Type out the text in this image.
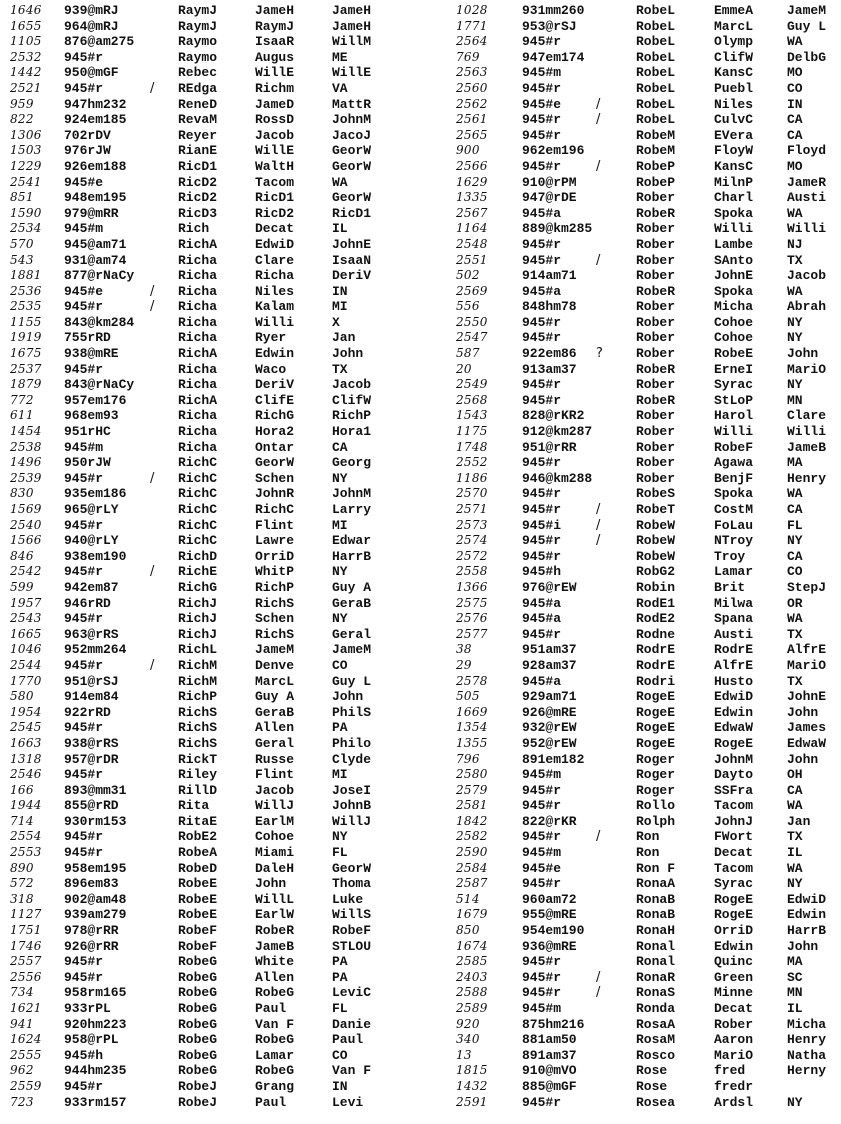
1646 939@mRJ	RaymJ	JameH	JameH
1655 964@mRJ	RaymJ	RaymJ	JameH
1105 876@am275	Raymo	IsaaR	WillM
2532 945#r	Raymo	Augus	ME
1442 950@mGF	Rebec	WillE	WillE
2521 945#r	/ REdga	Richm	VA
959 947hm232	ReneD	JameD	MattR
822 924em185	RevaM	RossD	JohnM
1306 702rDV	Reyer	Jacob	JacoJ
1503 976rJW	RianE	WillE	GeorW
1229 926em188	RicD1	WaltH	GeorW
2541 945#e	RicD2	Tacom	WA
851 948em195	RicD2	RicD1	GeorW
1590 979@mRR	RicD3	RicD2	RicD1
2534 945#m	Rich	Decat	IL
570 945@am71	RichA	EdwiD	JohnE
543 931@am74	Richa	Clare	IsaaN
1881 877@rNaCy	Richa	Richa	DeriV
2536 945#e	/ Richa	Niles	IN
2535 945#r	/ Richa	Kalam	MI
1155 843@km284	Richa	Willi	X
1919 755rRD	Richa	Ryer	Jan
1675 938@mRE	RichA	Edwin	John
2537 945#r	Richa	Waco	TX
1879 843@rNaCy	Richa	DeriV	Jacob
772 957em176	RichA	ClifE	ClifW
611 968em93	Richa	RichG	RichP
1454 951rHC	Richa	Hora2	Hora1
2538 945#m	Richa	Ontar	CA
1496 950rJW	RichC	GeorW	Georg
2539 945#r	/ RichC	Schen	NY
830 935em186	RichC	JohnR	JohnM
1569 965@rLY	RichC	RichC	Larry
2540 945#r	RichC	Flint	MI
1566 940@rLY	RichC	Lawre	Edwar
846 938em190	RichD	OrriD	HarrB
2542 945#r	/ RichE	WhitP	NY
599 942em87	RichG	RichP	Guy A
1957 946rRD	RichJ	RichS	GeraB
2543 945#r	RichJ	Schen	NY
1665 963@rRS	RichJ	RichS	Geral
1046 952mm264	RichL	JameM	JameM
2544 945#r	/ RichM	Denve	CO
1770 951@rSJ	RichM	MarcL	Guy L
580 914em84	RichP	Guy A	John
1954 922rRD	RichS	GeraB	PhilS
2545 945#r	RichS	Allen	PA
1663 938@rRS	RichS	Geral	Philo
1318 957@rDR	RickT	Russe	Clyde
2546 945#r	Riley	Flint	MI
166 893@mm31	RillD	Jacob	JoseI
1944 855@rRD	Rita	WillJ	JohnB
714 930rm153	RitaE	EarlM	WillJ
2554 945#r	RobE2	Cohoe	NY
2553 945#r	RobeA	Miami	FL
890 958em195	RobeD	DaleH	GeorW
572 896em83	RobeE	John	Thoma
318 902@am48	RobeE	WillL	Luke
1127 939am279	RobeE	EarlW	WillS
1751 978@rRR	RobeF	RobeR	RobeF
1746 926@rRR	RobeF	JameB	STLOU
2557 945#r	RobeG	White	PA
2556 945#r	RobeG	Allen	PA
734 958rm165	RobeG	RobeG	LeviC
1621 933rPL	RobeG	Paul	FL
941 920hm223	RobeG	Van F	Danie
1624 958@rPL	RobeG	RobeG	Paul
2555 945#h	RobeG	Lamar	CO
962 944hm235	RobeG	RobeG	Van F
2559 945#r	RobeJ	Grang	IN
723 933rm157	RobeJ	Paul	Levi
1028	931mm260	RobeL	EmmeA	JameM
1771	953@rSJ	RobeL	MarcL	Guy L
2564	945#r	RobeL	Olymp	WA
769	947em174	RobeL	ClifW	DelbG
2563	945#m	RobeL	KansC	MO
2560	945#r	RobeL	Puebl	CO
2562	945#e	/	RobeL	Niles	IN
2561	945#r	/	RobeL	CulvC	CA
2565	945#r	RobeM	EVera	CA
900	962em196	RobeM	FloyW	Floyd
2566	945#r	/	RobeP	KansC	MO
1629	910@rPM	RobeP	MilnP	JameR
1335	947@rDE	Rober	Charl	Austi
2567	945#a	RobeR	Spoka	WA
1164	889@km285	Rober	Willi	Willi
2548	945#r	Rober	Lambe	NJ
2551	945#r	/	Rober	SAnto	TX
502	914am71	Rober	JohnE	Jacob
2569	945#a	RobeR	Spoka	WA
556	848hm78	Rober	Micha	Abrah
2550	945#r	Rober	Cohoe	NY
2547	945#r	Rober	Cohoe	NY
587	922em86 ?	Rober	RobeE	John
20	913am37	RobeR	ErneI	MariO
2549	945#r	Rober	Syrac	NY
2568	945#r	RobeR	StLoP	MN
1543	828@rKR2	Rober	Harol	Clare
1175	912@km287	Rober	Willi	Willi
1748	951@rRR	Rober	RobeF	JameB
2552	945#r	Rober	Agawa	MA
1186	946@km288	Rober	BenjF	Henry
2570	945#r	RobeS	Spoka	WA
2571	945#r	/	RobeT	CostM	CA
2573	945#i	/	RobeW	FoLau	FL
2574	945#r	/	RobeW	NTroy	NY
2572	945#r	RobeW	Troy	CA
2558	945#h	RobG2	Lamar	CO
1366	976@rEW	Robin	Brit	StepJ
2575	945#a	RodE1	Milwa	OR
2576	945#a	RodE2	Spana	WA
2577	945#r	Rodne	Austi	TX
38	951am37	RodrE	RodrE	AlfrE
29	928am37	RodrE	AlfrE	MariO
2578	945#a	Rodri	Husto	TX
505	929am71	RogeE	EdwiD	JohnE
1669	926@mRE	RogeE	Edwin	John
1354	932@rEW	RogeE	EdwaW	James
1355	952@rEW	RogeE	RogeE	EdwaW
796	891em182	Roger	JohnM	John
2580	945#m	Roger	Dayto	OH
2579	945#r	Roger	SSFra	CA
2581	945#r	Rollo	Tacom	WA
1842	822@rKR	Rolph	JohnJ	Jan
2582	945#r	/	Ron	FWort	TX
2590	945#m	Ron	Decat	IL
2584	945#e	Ron F	Tacom	WA
2587	945#r	RonaA	Syrac	NY
514	960am72	RonaB	RogeE	EdwiD
1679	955@mRE	RonaB	RogeE	Edwin
850	954em190	RonaH	OrriD	HarrB
1674	936@mRE	Ronal	Edwin	John
2585	945#r	Ronal	Quinc	MA
2403	945#r	/	RonaR	Green	SC
2588	945#r	/	RonaS	Minne	MN
2589	945#m	Ronda	Decat	IL
920	875hm216	RosaA	Rober	Micha
340	881am50	RosaM	Aaron	Henry
13	891am37	Rosco	MariO	Natha
1815	910@mVO	Rose	fred	Herny
1432	885@mGF	Rose	fredr
2591	945#r	Rosea	Ardsl	NY
